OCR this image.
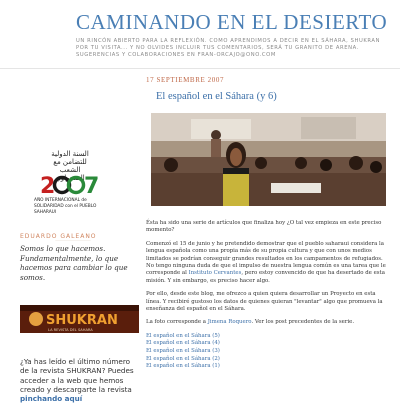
CAMINANDO EN EL DESIERTO
UN RINCÓN ABIERTO PARA LA REFLEXIÓN. COMO APRENDIMOS A DECIR EN EL SÁHARA, SHUKRAN POR TU VISITA... Y NO OLVIDES INCLUIR TUS COMENTARIOS, SERÁ TU GRANITO DE ARENA. SUGERENCIAS Y COLABORACIONES EN FRAN-ORCAJO@ONO.COM
17 SEPTIEMBRE 2007
El español en el Sáhara (y 6)
السنة الدولية
للتضامن مع الشعب الصحراوي
2 7
AÑO INTERNACIONAL de SOLIDARIDAD con el PUEBLO SAHARAUI
EDUARDO GALEANO
Somos lo que hacemos. Fundamentalmente, lo que hacemos para cambiar lo que somos.
SHUKRAN
LA REVISTA DEL SAHARA
¿Ya has leído el último número de la revista SHUKRAN? Puedes acceder a la web que hemos creado y descargarte la revista pinchando aquí

Ésta ha sido una serie de artículos que finaliza hoy ¿O tal vez empieza en este preciso momento?

Comenzó el 15 de junio y he pretendido demostrar que el pueblo saharaui considera la lengua española como una propia más de su propia cultura y que con unos medios limitados se podrían conseguir grandes resultados en los campamentos de refugiados. No tengo ninguna duda de que el impulso de nuestra lengua común es una tarea que le corresponde al Instituto Cervantes, pero estoy convencido de que ha desertado de esta misión. Y sin embargo, es preciso hacer algo.

Por ello, desde este blog, me ofrezco a quien quiera desarrollar un Proyecto en esta línea. Y recibiré gustoso los datos de quienes quieran "levantar" algo que promueva la enseñanza del español en el Sáhara.

La foto corresponde a Jimena Roquero. Ver los post precedentes de la serie.

El español en el Sáhara (5)
El español en el Sáhara (4)
El español en el Sáhara (3)
El español en el Sáhara (2)
El español en el Sáhara (1)
